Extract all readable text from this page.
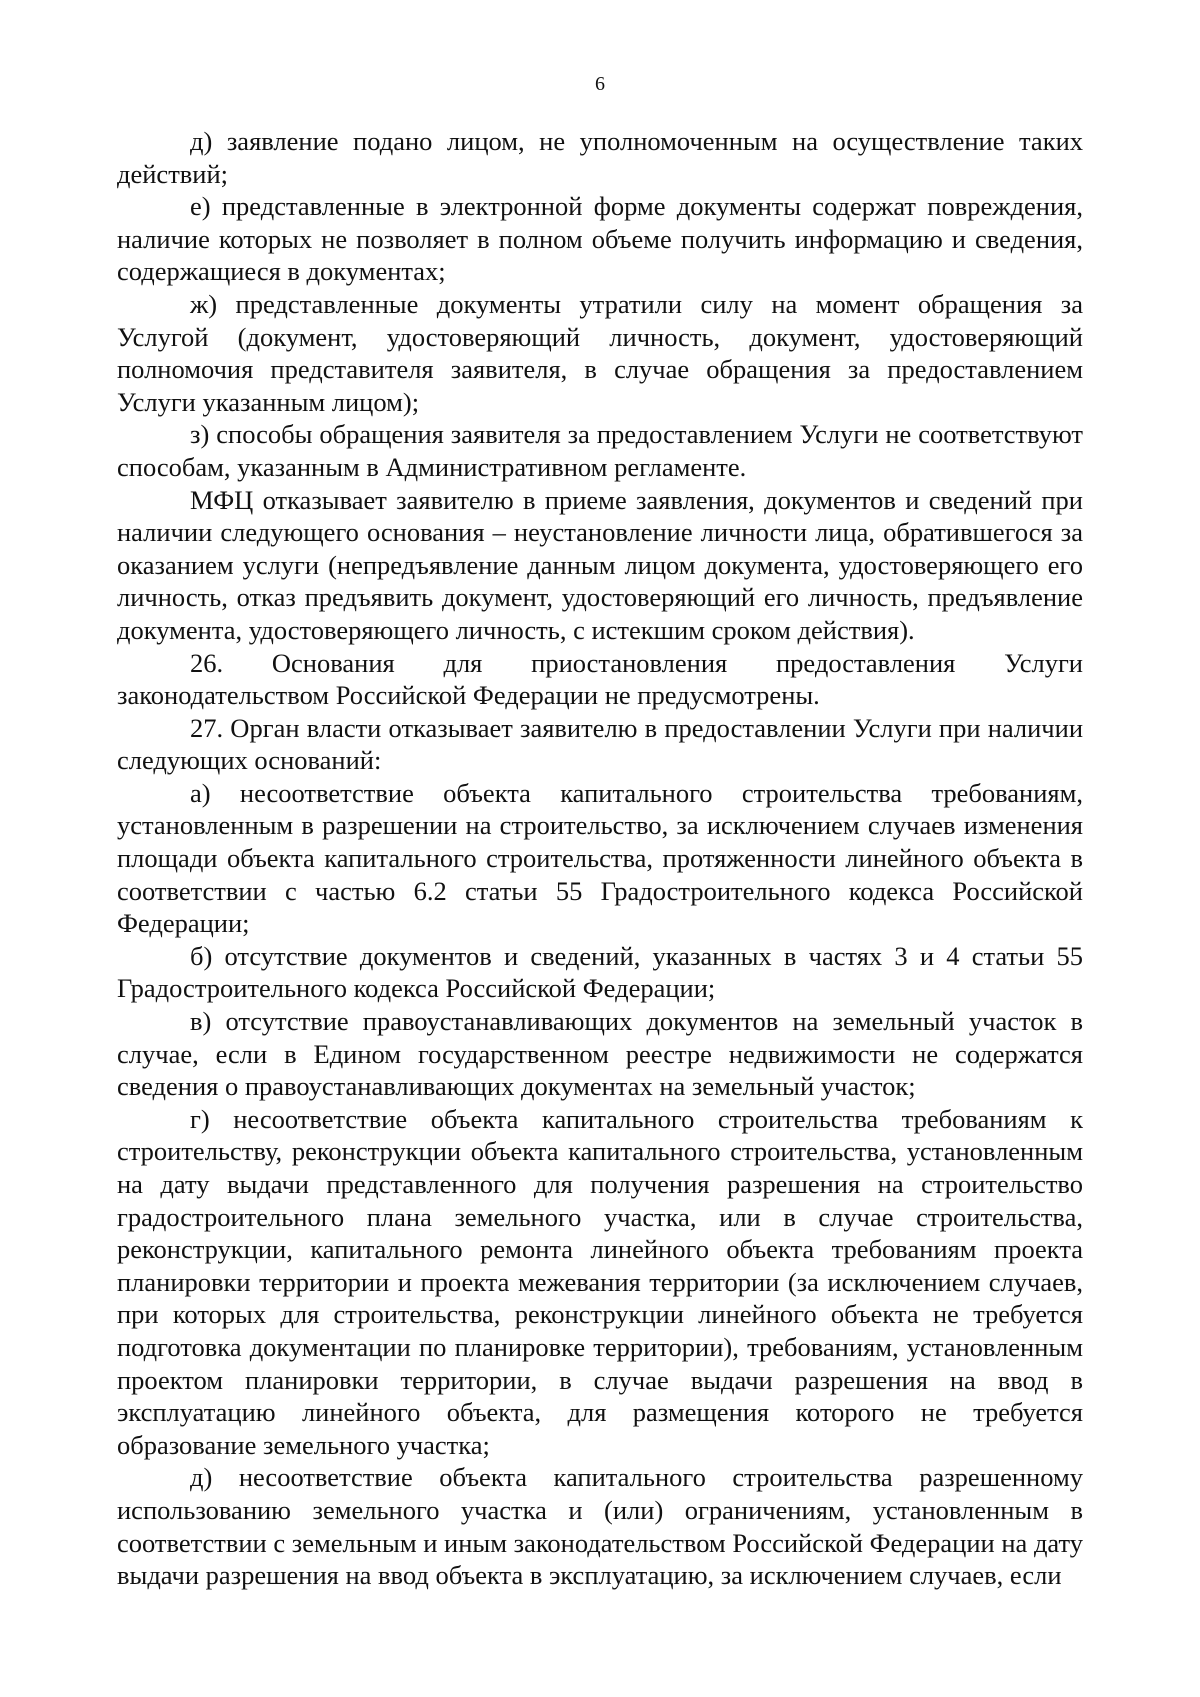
6

д) заявление подано лицом, не уполномоченным на осуществление таких действий;

е) представленные в электронной форме документы содержат повреждения, наличие которых не позволяет в полном объеме получить информацию и сведения, содержащиеся в документах;

ж) представленные документы утратили силу на момент обращения за Услугой (документ, удостоверяющий личность, документ, удостоверяющий полномочия представителя заявителя, в случае обращения за предоставлением Услуги указанным лицом);

з) способы обращения заявителя за предоставлением Услуги не соответствуют способам, указанным в Административном регламенте.

МФЦ отказывает заявителю в приеме заявления, документов и сведений при наличии следующего основания – неустановление личности лица, обратившегося за оказанием услуги (непредъявление данным лицом документа, удостоверяющего его личность, отказ предъявить документ, удостоверяющий его личность, предъявление документа, удостоверяющего личность, с истекшим сроком действия).

26. Основания для приостановления предоставления Услуги законодательством Российской Федерации не предусмотрены.

27. Орган власти отказывает заявителю в предоставлении Услуги при наличии следующих оснований:

а) несоответствие объекта капитального строительства требованиям, установленным в разрешении на строительство, за исключением случаев изменения площади объекта капитального строительства, протяженности линейного объекта в соответствии с частью 6.2 статьи 55 Градостроительного кодекса Российской Федерации;

б) отсутствие документов и сведений, указанных в частях 3 и 4 статьи 55 Градостроительного кодекса Российской Федерации;

в) отсутствие правоустанавливающих документов на земельный участок в случае, если в Едином государственном реестре недвижимости не содержатся сведения о правоустанавливающих документах на земельный участок;

г) несоответствие объекта капитального строительства требованиям к строительству, реконструкции объекта капитального строительства, установленным на дату выдачи представленного для получения разрешения на строительство градостроительного плана земельного участка, или в случае строительства, реконструкции, капитального ремонта линейного объекта требованиям проекта планировки территории и проекта межевания территории (за исключением случаев, при которых для строительства, реконструкции линейного объекта не требуется подготовка документации по планировке территории), требованиям, установленным проектом планировки территории, в случае выдачи разрешения на ввод в эксплуатацию линейного объекта, для размещения которого не требуется образование земельного участка;

д) несоответствие объекта капитального строительства разрешенному использованию земельного участка и (или) ограничениям, установленным в соответствии с земельным и иным законодательством Российской Федерации на дату выдачи разрешения на ввод объекта в эксплуатацию, за исключением случаев, если
